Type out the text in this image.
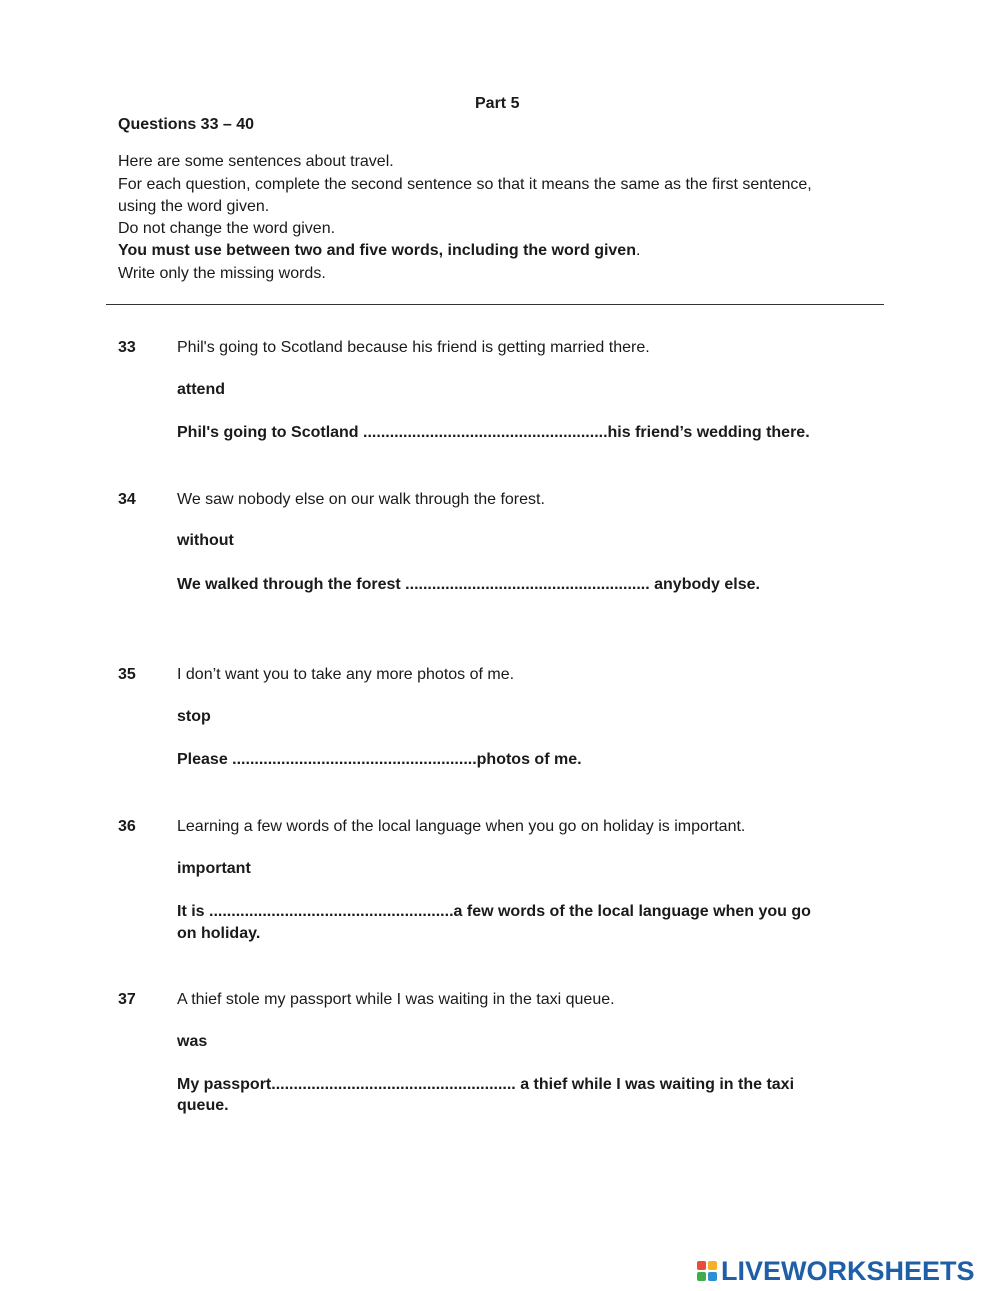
Part 5
Questions 33 – 40
Here are some sentences about travel.
For each question, complete the second sentence so that it means the same as the first sentence,
using the word given.
Do not change the word given.
You must use between two and five words, including the word given.
Write only the missing words.
33	Phil's going to Scotland because his friend is getting married there.
attend
Phil's going to Scotland .......................................................his friend’s wedding there.
34	We saw nobody else on our walk through the forest.
without
We walked through the forest ....................................................... anybody else.
35	I don’t want you to take any more photos of me.
stop
Please .......................................................photos of me.
36	Learning a few words of the local language when you go on holiday is important.
important
It is .......................................................a few words of the local language when you go
on holiday.
37	A thief stole my passport while I was waiting in the taxi queue.
was
My passport....................................................... a thief while I was waiting in the taxi
queue.
LIVEWORKSHEETS
